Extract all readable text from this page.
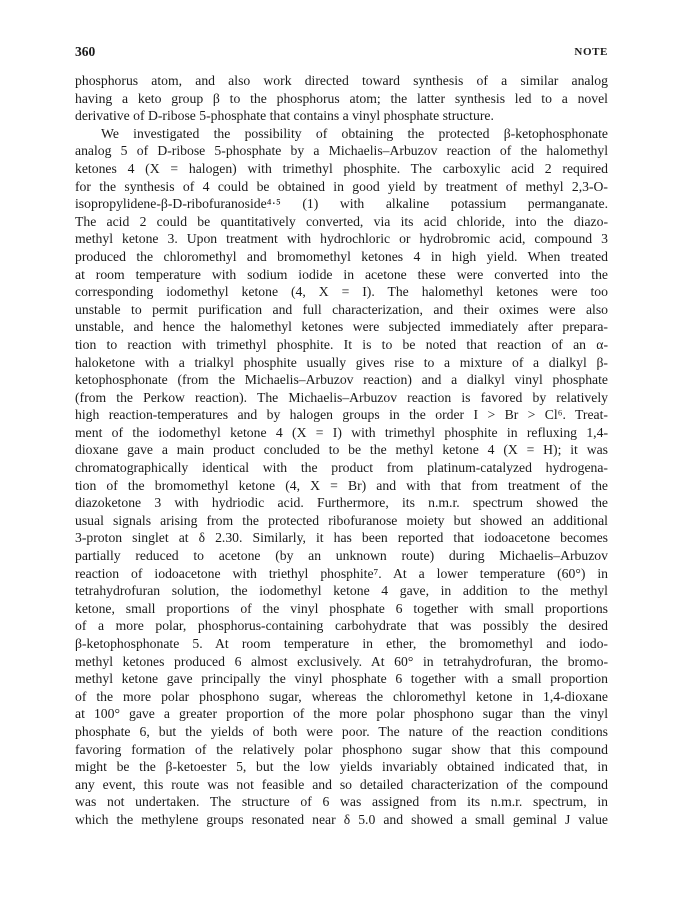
360	NOTE
phosphorus atom, and also work directed toward synthesis of a similar analog
having a keto group β to the phosphorus atom; the latter synthesis led to a novel
derivative of D-ribose 5-phosphate that contains a vinyl phosphate structure.
We investigated the possibility of obtaining the protected β-ketophosphonate
analog 5 of D-ribose 5-phosphate by a Michaelis–Arbuzov reaction of the halomethyl
ketones 4 (X = halogen) with trimethyl phosphite. The carboxylic acid 2 required
for the synthesis of 4 could be obtained in good yield by treatment of methyl 2,3-O-
isopropylidene-β-D-ribofuranoside⁴·⁵ (1) with alkaline potassium permanganate.
The acid 2 could be quantitatively converted, via its acid chloride, into the diazo-
methyl ketone 3. Upon treatment with hydrochloric or hydrobromic acid, compound 3
produced the chloromethyl and bromomethyl ketones 4 in high yield. When treated
at room temperature with sodium iodide in acetone these were converted into the
corresponding iodomethyl ketone (4, X = I). The halomethyl ketones were too
unstable to permit purification and full characterization, and their oximes were also
unstable, and hence the halomethyl ketones were subjected immediately after prepara-
tion to reaction with trimethyl phosphite. It is to be noted that reaction of an α-
haloketone with a trialkyl phosphite usually gives rise to a mixture of a dialkyl β-
ketophosphonate (from the Michaelis–Arbuzov reaction) and a dialkyl vinyl phosphate
(from the Perkow reaction). The Michaelis–Arbuzov reaction is favored by relatively
high reaction-temperatures and by halogen groups in the order I > Br > Cl⁶. Treat-
ment of the iodomethyl ketone 4 (X = I) with trimethyl phosphite in refluxing 1,4-
dioxane gave a main product concluded to be the methyl ketone 4 (X = H); it was
chromatographically identical with the product from platinum-catalyzed hydrogena-
tion of the bromomethyl ketone (4, X = Br) and with that from treatment of the
diazoketone 3 with hydriodic acid. Furthermore, its n.m.r. spectrum showed the
usual signals arising from the protected ribofuranose moiety but showed an additional
3-proton singlet at δ 2.30. Similarly, it has been reported that iodoacetone becomes
partially reduced to acetone (by an unknown route) during Michaelis–Arbuzov
reaction of iodoacetone with triethyl phosphite⁷. At a lower temperature (60°) in
tetrahydrofuran solution, the iodomethyl ketone 4 gave, in addition to the methyl
ketone, small proportions of the vinyl phosphate 6 together with small proportions
of a more polar, phosphorus-containing carbohydrate that was possibly the desired
β-ketophosphonate 5. At room temperature in ether, the bromomethyl and iodo-
methyl ketones produced 6 almost exclusively. At 60° in tetrahydrofuran, the bromo-
methyl ketone gave principally the vinyl phosphate 6 together with a small proportion
of the more polar phosphono sugar, whereas the chloromethyl ketone in 1,4-dioxane
at 100° gave a greater proportion of the more polar phosphono sugar than the vinyl
phosphate 6, but the yields of both were poor. The nature of the reaction conditions
favoring formation of the relatively polar phosphono sugar show that this compound
might be the β-ketoester 5, but the low yields invariably obtained indicated that, in
any event, this route was not feasible and so detailed characterization of the compound
was not undertaken. The structure of 6 was assigned from its n.m.r. spectrum, in
which the methylene groups resonated near δ 5.0 and showed a small geminal J value
